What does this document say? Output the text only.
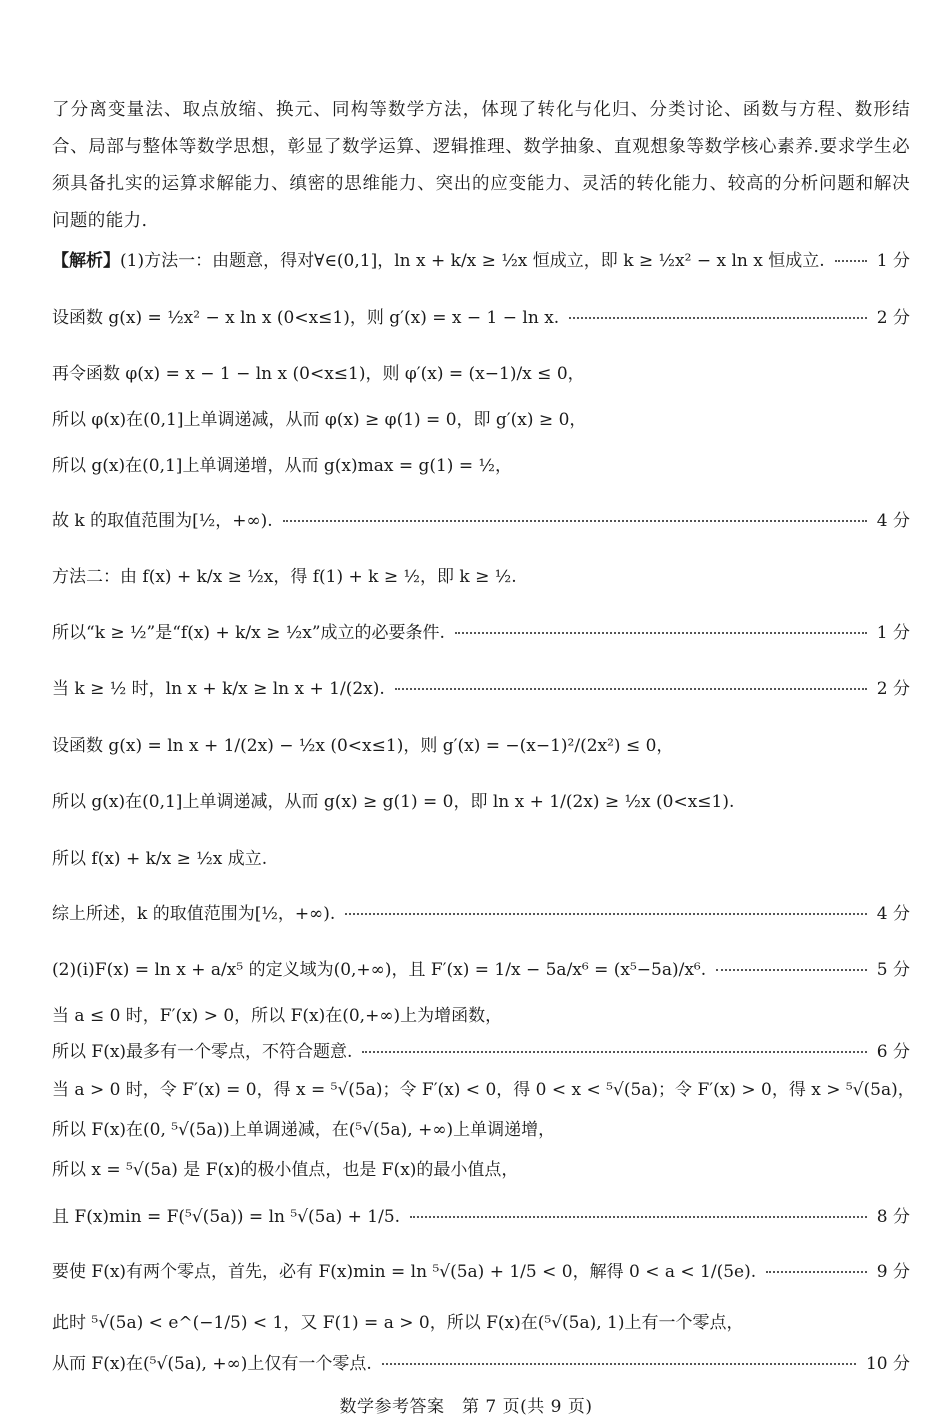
了分离变量法、取点放缩、换元、同构等数学方法，体现了转化与化归、分类讨论、函数与方程、数形结合、局部与整体等数学思想，彰显了数学运算、逻辑推理、数学抽象、直观想象等数学核心素养.要求学生必须具备扎实的运算求解能力、缜密的思维能力、突出的应变能力、灵活的转化能力、较高的分析问题和解决问题的能力.
【解析】 (1)方法一：由题意，得对∀∈(0,1]，ln x + k/x ≥ ½x 恒成立，即 k ≥ ½x² − x ln x 恒成立.	1 分
设函数 g(x) = ½x² − x ln x (0<x≤1)，则 g′(x) = x − 1 − ln x.	2 分
再令函数 φ(x) = x − 1 − ln x (0<x≤1)，则 φ′(x) = (x−1)/x ≤ 0，
所以 φ(x)在(0,1]上单调递减，从而 φ(x) ≥ φ(1) = 0，即 g′(x) ≥ 0，
所以 g(x)在(0,1]上单调递增，从而 g(x)max = g(1) = ½，
故 k 的取值范围为[½，+∞).	4 分
方法二：由 f(x) + k/x ≥ ½x，得 f(1) + k ≥ ½，即 k ≥ ½.
所以“k ≥ ½”是“f(x) + k/x ≥ ½x”成立的必要条件.	1 分
当 k ≥ ½ 时，ln x + k/x ≥ ln x + 1/(2x).	2 分
设函数 g(x) = ln x + 1/(2x) − ½x (0<x≤1)，则 g′(x) = −(x−1)²/(2x²) ≤ 0，
所以 g(x)在(0,1]上单调递减，从而 g(x) ≥ g(1) = 0，即 ln x + 1/(2x) ≥ ½x (0<x≤1).
所以 f(x) + k/x ≥ ½x 成立.
综上所述，k 的取值范围为[½，+∞).	4 分
(2)(i)F(x) = ln x + a/x⁵ 的定义域为(0,+∞)，且 F′(x) = 1/x − 5a/x⁶ = (x⁵−5a)/x⁶.	5 分
当 a ≤ 0 时，F′(x) > 0，所以 F(x)在(0,+∞)上为增函数，
所以 F(x)最多有一个零点，不符合题意.	6 分
当 a > 0 时，令 F′(x) = 0，得 x = ⁵√(5a)；令 F′(x) < 0，得 0 < x < ⁵√(5a)；令 F′(x) > 0，得 x > ⁵√(5a)，
所以 F(x)在(0, ⁵√(5a))上单调递减，在(⁵√(5a), +∞)上单调递增，
所以 x = ⁵√(5a) 是 F(x)的极小值点，也是 F(x)的最小值点，
且 F(x)min = F(⁵√(5a)) = ln ⁵√(5a) + 1/5.	8 分
要使 F(x)有两个零点，首先，必有 F(x)min = ln ⁵√(5a) + 1/5 < 0，解得 0 < a < 1/(5e).	9 分
此时 ⁵√(5a) < e^(−1/5) < 1，又 F(1) = a > 0，所以 F(x)在(⁵√(5a), 1)上有一个零点，
从而 F(x)在(⁵√(5a), +∞)上仅有一个零点.	10 分
数学参考答案　第 7 页(共 9 页)
